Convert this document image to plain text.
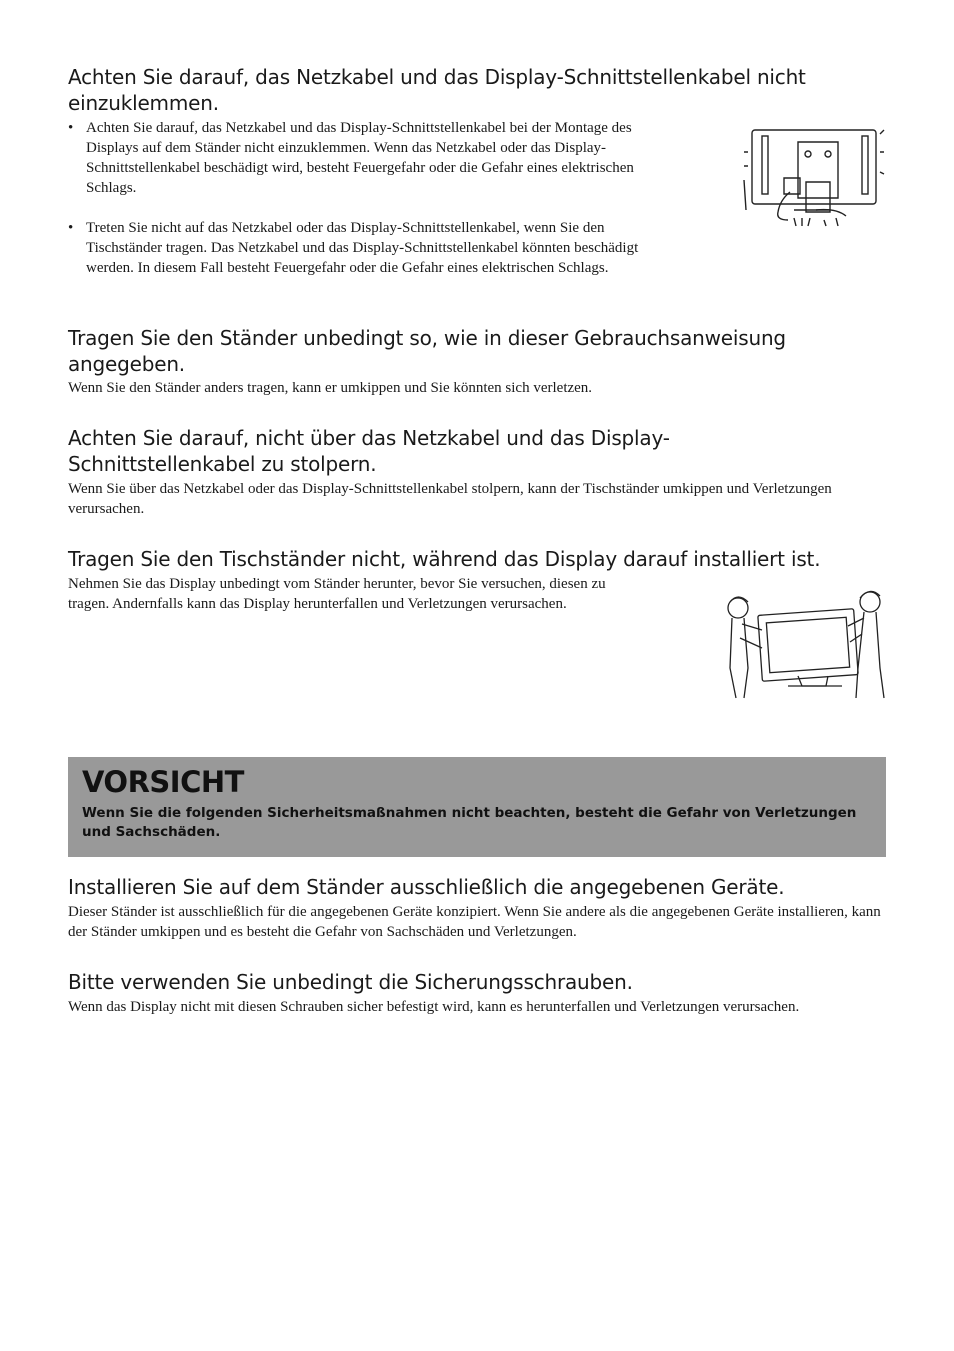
Achten Sie darauf, das Netzkabel und das Display-Schnittstellenkabel nicht einzuklemmen.
• Achten Sie darauf, das Netzkabel und das Display-Schnittstellenkabel bei der Montage des Displays auf dem Ständer nicht einzuklemmen. Wenn das Netzkabel oder das Display-Schnittstellenkabel beschädigt wird, besteht Feuergefahr oder die Gefahr eines elektrischen Schlags.
• Treten Sie nicht auf das Netzkabel oder das Display-Schnittstellenkabel, wenn Sie den Tischständer tragen. Das Netzkabel und das Display-Schnittstellenkabel könnten beschädigt werden. In diesem Fall besteht Feuergefahr oder die Gefahr eines elektrischen Schlags.
Tragen Sie den Ständer unbedingt so, wie in dieser Gebrauchsanweisung angegeben.

Wenn Sie den Ständer anders tragen, kann er umkippen und Sie könnten sich verletzen.

Achten Sie darauf, nicht über das Netzkabel und das Display-Schnittstellenkabel zu stolpern.

Wenn Sie über das Netzkabel oder das Display-Schnittstellenkabel stolpern, kann der Tischständer umkippen und Verletzungen verursachen.

Tragen Sie den Tischständer nicht, während das Display darauf installiert ist.

Nehmen Sie das Display unbedingt vom Ständer herunter, bevor Sie versuchen, diesen zu tragen. Andernfalls kann das Display herunterfallen und Verletzungen verursachen.

VORSICHT
Wenn Sie die folgenden Sicherheitsmaßnahmen nicht beachten, besteht die Gefahr von Verletzungen und Sachschäden.
Installieren Sie auf dem Ständer ausschließlich die angegebenen Geräte.

Dieser Ständer ist ausschließlich für die angegebenen Geräte konzipiert. Wenn Sie andere als die angegebenen Geräte installieren, kann der Ständer umkippen und es besteht die Gefahr von Sachschäden und Verletzungen.

Bitte verwenden Sie unbedingt die Sicherungsschrauben.

Wenn das Display nicht mit diesen Schrauben sicher befestigt wird, kann es herunterfallen und Verletzungen verursachen.
